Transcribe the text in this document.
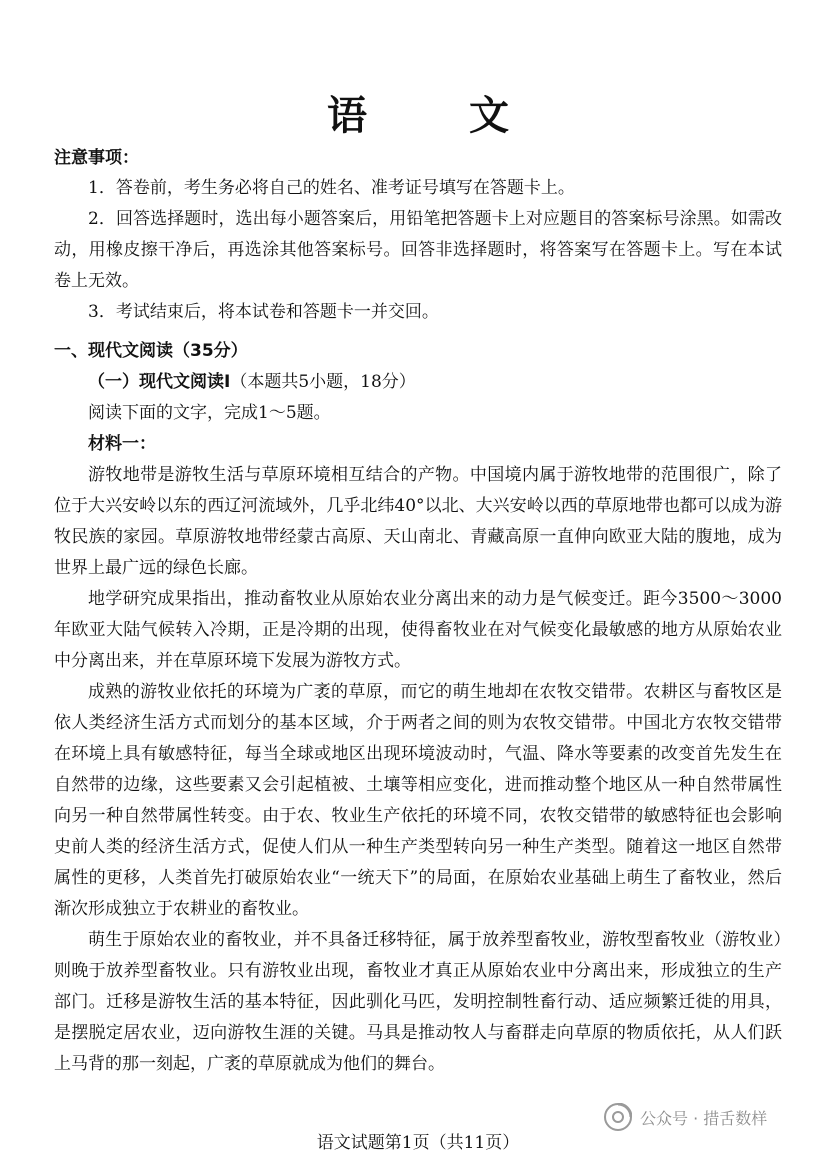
语 文
注意事项：

1．答卷前，考生务必将自己的姓名、准考证号填写在答题卡上。

2．回答选择题时，选出每小题答案后，用铅笔把答题卡上对应题目的答案标号涂黑。如需改动，用橡皮擦干净后，再选涂其他答案标号。回答非选择题时，将答案写在答题卡上。写在本试卷上无效。

3．考试结束后，将本试卷和答题卡一并交回。

一、现代文阅读（35分）
（一）现代文阅读Ⅰ（本题共5小题，18分）
阅读下面的文字，完成1～5题。
材料一：

游牧地带是游牧生活与草原环境相互结合的产物。中国境内属于游牧地带的范围很广，除了位于大兴安岭以东的西辽河流域外，几乎北纬40°以北、大兴安岭以西的草原地带也都可以成为游牧民族的家园。草原游牧地带经蒙古高原、天山南北、青藏高原一直伸向欧亚大陆的腹地，成为世界上最广远的绿色长廊。

地学研究成果指出，推动畜牧业从原始农业分离出来的动力是气候变迁。距今3500～3000年欧亚大陆气候转入冷期，正是冷期的出现，使得畜牧业在对气候变化最敏感的地方从原始农业中分离出来，并在草原环境下发展为游牧方式。

成熟的游牧业依托的环境为广袤的草原，而它的萌生地却在农牧交错带。农耕区与畜牧区是依人类经济生活方式而划分的基本区域，介于两者之间的则为农牧交错带。中国北方农牧交错带在环境上具有敏感特征，每当全球或地区出现环境波动时，气温、降水等要素的改变首先发生在自然带的边缘，这些要素又会引起植被、土壤等相应变化，进而推动整个地区从一种自然带属性向另一种自然带属性转变。由于农、牧业生产依托的环境不同，农牧交错带的敏感特征也会影响史前人类的经济生活方式，促使人们从一种生产类型转向另一种生产类型。随着这一地区自然带属性的更移，人类首先打破原始农业“一统天下”的局面，在原始农业基础上萌生了畜牧业，然后渐次形成独立于农耕业的畜牧业。

萌生于原始农业的畜牧业，并不具备迁移特征，属于放养型畜牧业，游牧型畜牧业（游牧业）则晚于放养型畜牧业。只有游牧业出现，畜牧业才真正从原始农业中分离出来，形成独立的生产部门。迁移是游牧生活的基本特征，因此驯化马匹，发明控制牲畜行动、适应频繁迁徙的用具，是摆脱定居农业，迈向游牧生涯的关键。马具是推动牧人与畜群走向草原的物质依托，从人们跃上马背的那一刻起，广袤的草原就成为他们的舞台。

公众号 · 措舌数样
语文试题第1页（共11页）
